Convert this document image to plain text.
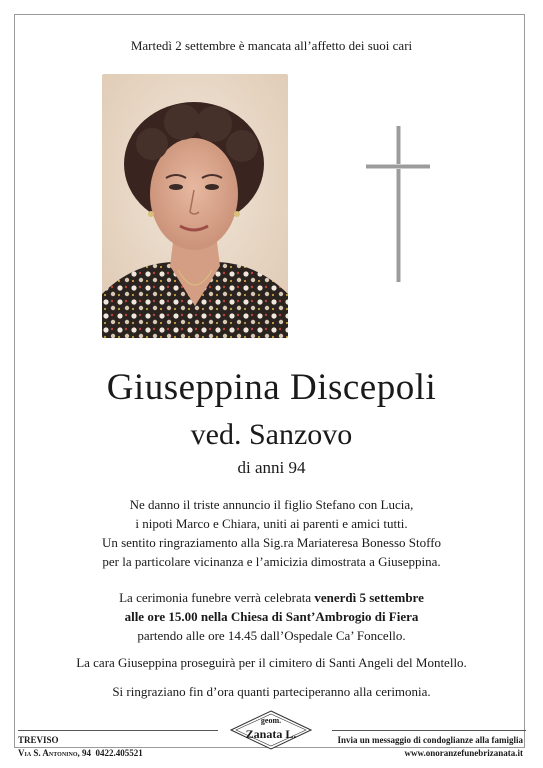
Martedì 2 settembre è mancata all’affetto dei suoi cari
Giuseppina Discepoli
ved. Sanzovo
di anni 94
Ne danno il triste annuncio il figlio Stefano con Lucia,
i nipoti Marco e Chiara, uniti ai parenti e amici tutti.
Un sentito ringraziamento alla Sig.ra Mariateresa Bonesso Stoffo
per la particolare vicinanza e l’amicizia dimostrata a Giuseppina.
La cerimonia funebre verrà celebrata venerdì 5 settembre
alle ore 15.00 nella Chiesa di Sant’Ambrogio di Fiera
partendo alle ore 14.45 dall’Ospedale Ca’ Foncello.
La cara Giuseppina proseguirà per il cimitero di Santi Angeli del Montello.
Si ringraziano fin d’ora quanti parteciperanno alla cerimonia.
TREVISO
Via S. Antonino, 94 0422.405521
geom.
Zanata L.	Invia un messaggio di condoglianze alla famiglia
www.onoranzefunebrizanata.it
